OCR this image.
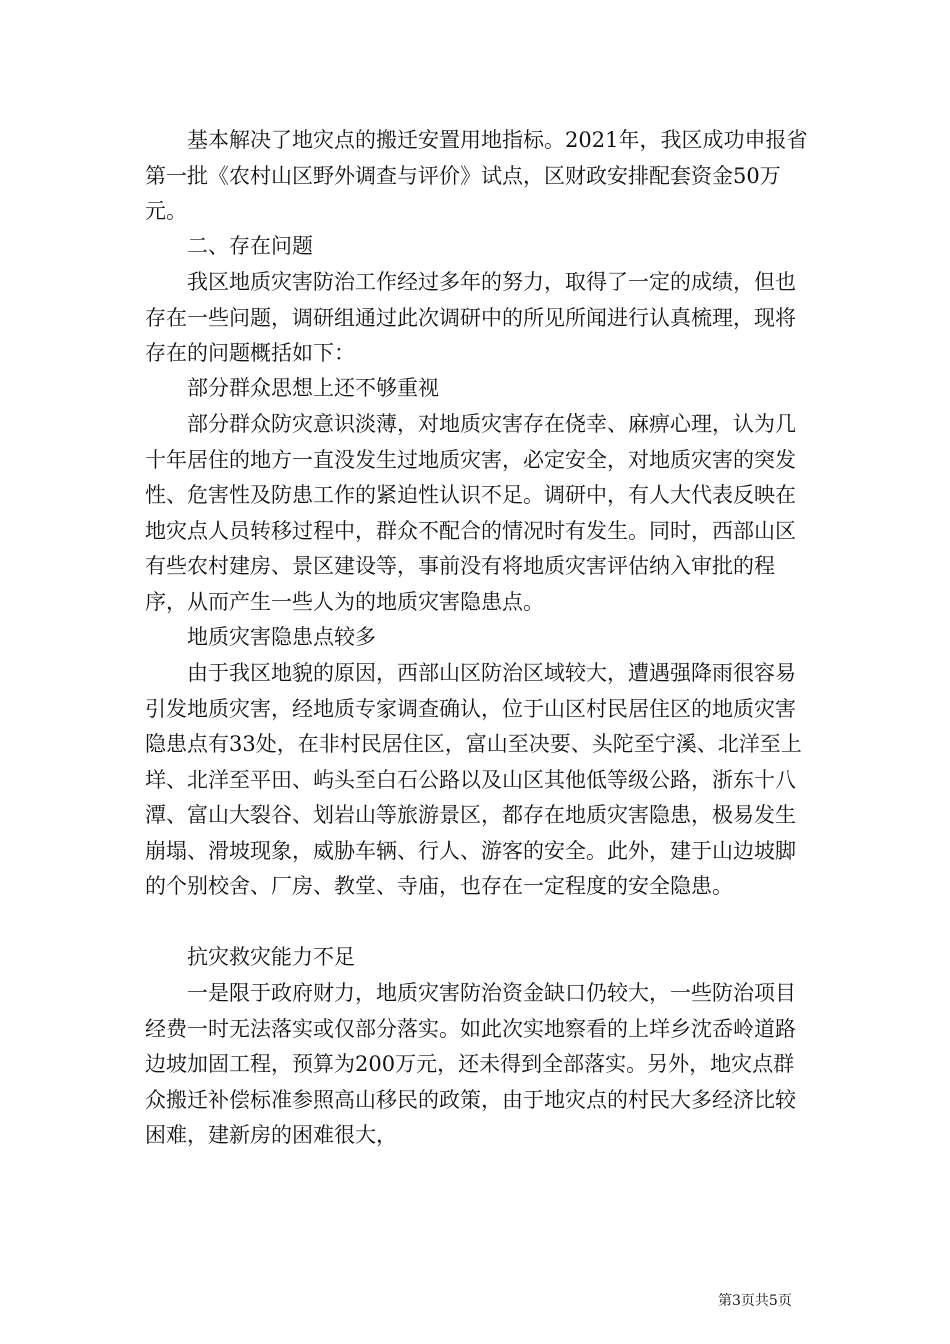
　　基本解决了地灾点的搬迁安置用地指标。2021年，我区成功申报省第一批《农村山区野外调查与评价》试点，区财政安排配套资金50万元。

　　二、存在问题

　　我区地质灾害防治工作经过多年的努力，取得了一定的成绩，但也存在一些问题，调研组通过此次调研中的所见所闻进行认真梳理，现将存在的问题概括如下：

　　部分群众思想上还不够重视

　　部分群众防灾意识淡薄，对地质灾害存在侥幸、麻痹心理，认为几十年居住的地方一直没发生过地质灾害，必定安全，对地质灾害的突发性、危害性及防患工作的紧迫性认识不足。调研中，有人大代表反映在地灾点人员转移过程中，群众不配合的情况时有发生。同时，西部山区有些农村建房、景区建设等，事前没有将地质灾害评估纳入审批的程序，从而产生一些人为的地质灾害隐患点。

　　地质灾害隐患点较多

　　由于我区地貌的原因，西部山区防治区域较大，遭遇强降雨很容易引发地质灾害，经地质专家调查确认，位于山区村民居住区的地质灾害隐患点有33处，在非村民居住区，富山至决要、头陀至宁溪、北洋至上垟、北洋至平田、屿头至白石公路以及山区其他低等级公路，浙东十八潭、富山大裂谷、划岩山等旅游景区，都存在地质灾害隐患，极易发生崩塌、滑坡现象，威胁车辆、行人、游客的安全。此外，建于山边坡脚的个别校舍、厂房、教堂、寺庙，也存在一定程度的安全隐患。

　　抗灾救灾能力不足

　　一是限于政府财力，地质灾害防治资金缺口仍较大，一些防治项目经费一时无法落实或仅部分落实。如此次实地察看的上垟乡沈岙岭道路边坡加固工程，预算为200万元，还未得到全部落实。另外，地灾点群众搬迁补偿标准参照高山移民的政策，由于地灾点的村民大多经济比较困难，建新房的困难很大，

第3页共5页
